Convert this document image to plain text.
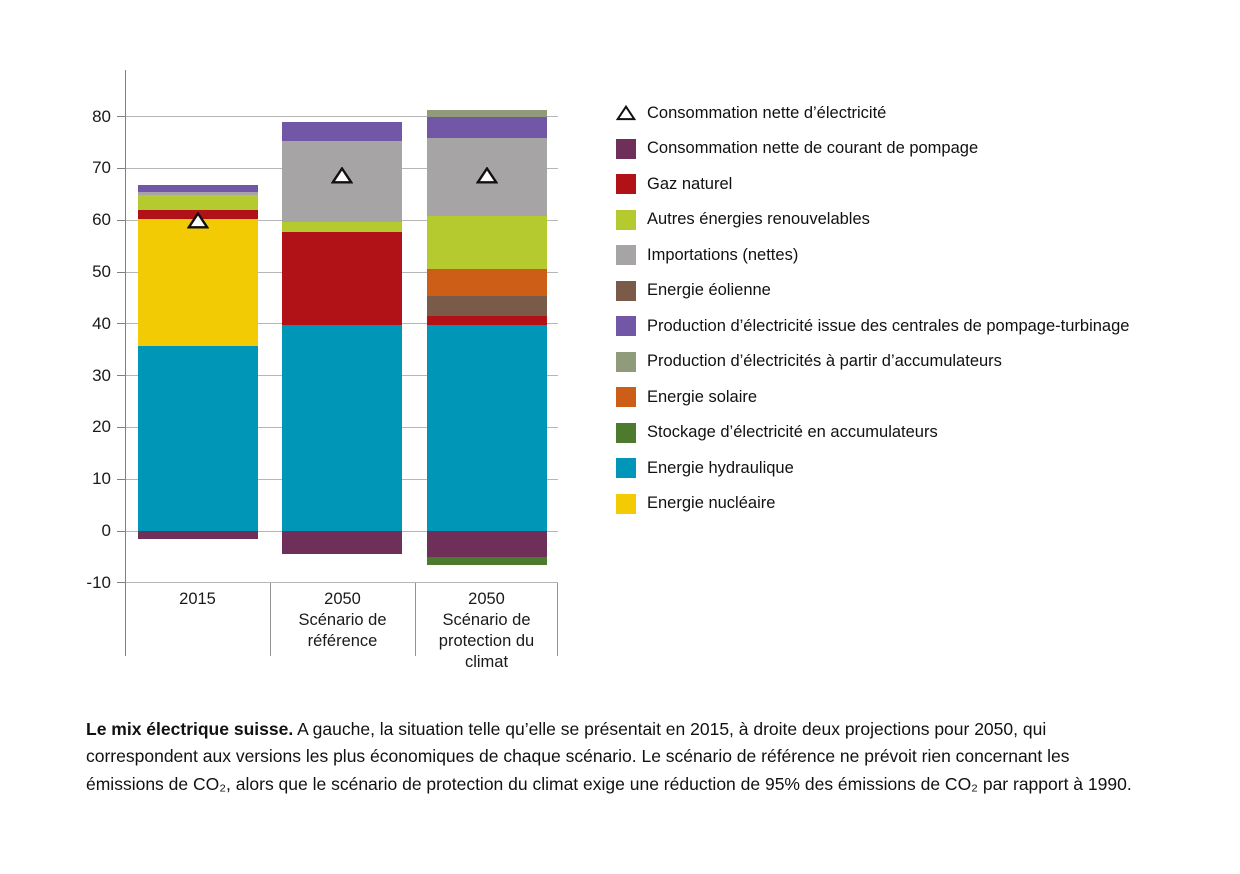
80
70
60
50
40
30
20
10
0
-10
2015	2050
Scénario de
référence
2050
Scénario de
protection du
climat
Consommation nette d’électricité
Consommation nette de courant de pompage
Gaz naturel
Autres énergies renouvelables
Importations (nettes)
Energie éolienne
Production d’électricité issue des centrales de pompage-turbinage
Production d’électricités à partir d’accumulateurs
Energie solaire
Stockage d’électricité en accumulateurs
Energie hydraulique
Energie nucléaire

Le mix électrique suisse. A gauche, la situation telle qu’elle se présentait en 2015, à droite deux projections pour 2050, qui correspondent aux versions les plus économiques de chaque scénario. Le scénario de référence ne prévoit rien concernant les émissions de CO₂, alors que le scénario de protection du climat exige une réduction de 95% des émissions de CO₂ par rapport à 1990.
